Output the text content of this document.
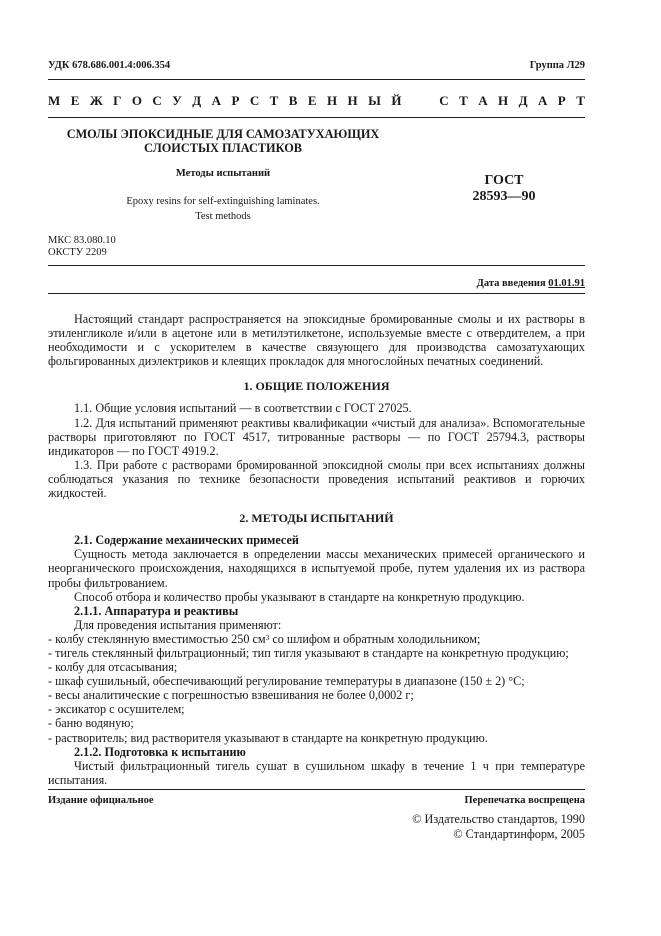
УДК 678.686.001.4:006.354	Группа Л29
М Е Ж Г О С У Д А Р С Т В Е Н Н Ы Й

	С Т А Н Д А Р Т
СМОЛЫ ЭПОКСИДНЫЕ ДЛЯ САМОЗАТУХАЮЩИХ
СЛОИСТЫХ ПЛАСТИКОВ
Методы испытаний
Epoxy resins for self-extinguishing laminates.
Test methods
ГОСТ
28593—90
МКС 83.080.10
ОКСТУ 2209
Дата введения 01.01.91

Настоящий стандарт распространяется на эпоксидные бромированные смолы и их растворы в этиленгликоле и/или в ацетоне или в метилэтилкетоне, используемые вместе с отвердителем, а при необходимости и с ускорителем в качестве связующего для производства самозатухающих фольгированных диэлектриков и клеящих прокладок для многослойных печатных соединений.

1. ОБЩИЕ ПОЛОЖЕНИЯ

1.1. Общие условия испытаний — в соответствии с ГОСТ 27025.

1.2. Для испытаний применяют реактивы квалификации «чистый для анализа». Вспомогательные растворы приготовляют по ГОСТ 4517, титрованные растворы — по ГОСТ 25794.3, растворы индикаторов — по ГОСТ 4919.2.

1.3. При работе с растворами бромированной эпоксидной смолы при всех испытаниях должны соблюдаться указания по технике безопасности проведения испытаний реактивов и горючих жидкостей.

2. МЕТОДЫ ИСПЫТАНИЙ

2.1. Содержание механических примесей

Сущность метода заключается в определении массы механических примесей органического и неорганического происхождения, находящихся в испытуемой пробе, путем удаления их из раствора пробы фильтрованием.

Способ отбора и количество пробы указывают в стандарте на конкретную продукцию.

2.1.1. Аппаратура и реактивы

Для проведения испытания применяют:

- колбу стеклянную вместимостью 250 $см^3$ со шлифом и обратным холодильником;

- тигель стеклянный фильтрационный; тип тигля указывают в стандарте на конкретную продукцию;

- колбу для отсасывания;

- шкаф сушильный, обеспечивающий регулирование температуры в диапазоне (150 ± 2) °С;

- весы аналитические с погрешностью взвешивания не более 0,0002 г;

- эксикатор с осушителем;

- баню водяную;

- растворитель; вид растворителя указывают в стандарте на конкретную продукцию.

2.1.2. Подготовка к испытанию

Чистый фильтрационный тигель сушат в сушильном шкафу в течение 1 ч при температуре испытания.

Издание официальное	Перепечатка воспрещена
© Издательство стандартов, 1990
© Стандартинформ, 2005
